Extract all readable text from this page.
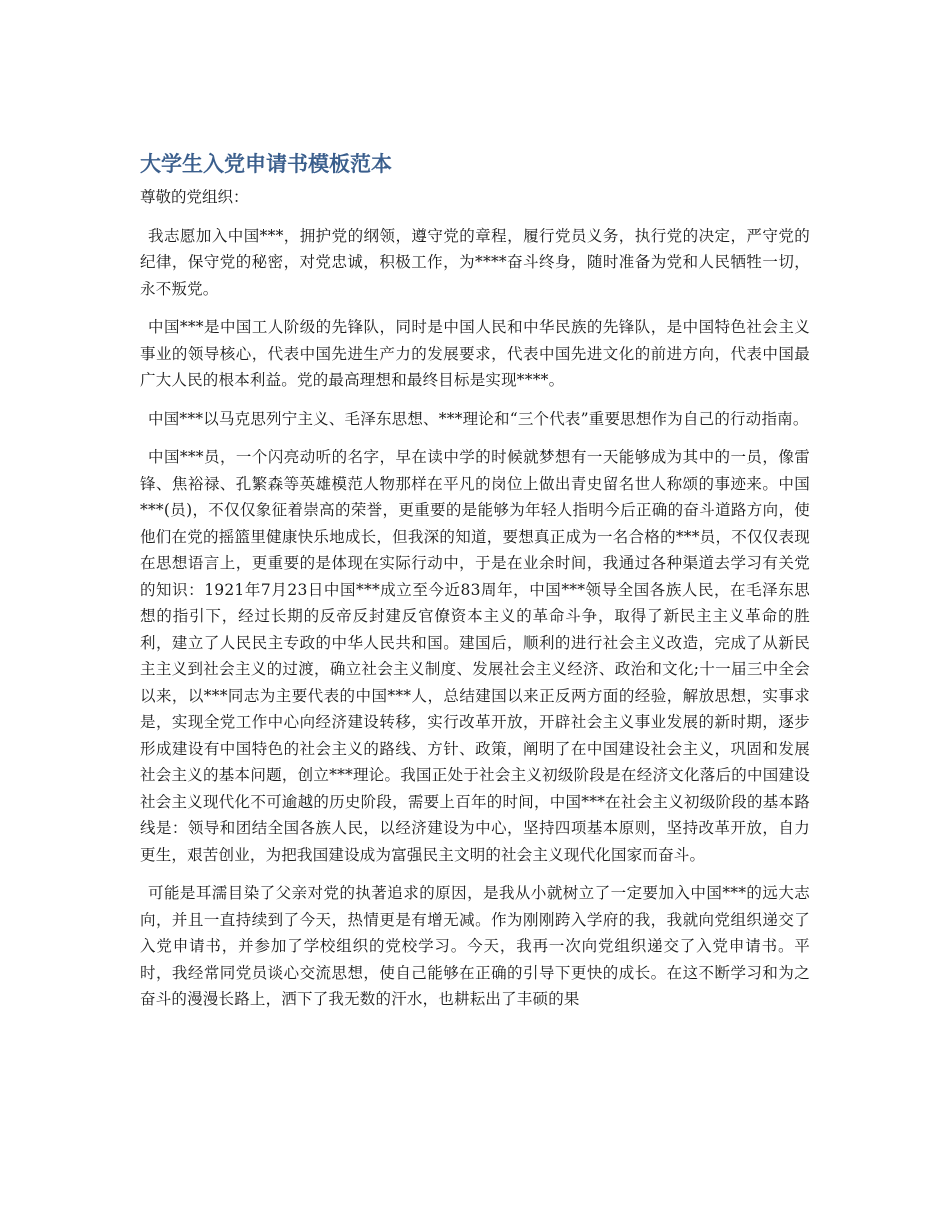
大学生入党申请书模板范本

尊敬的党组织：

我志愿加入中国***，拥护党的纲领，遵守党的章程，履行党员义务，执行党的决定，严守党的纪律，保守党的秘密，对党忠诚，积极工作，为****奋斗终身，随时准备为党和人民牺牲一切，永不叛党。

中国***是中国工人阶级的先锋队，同时是中国人民和中华民族的先锋队，是中国特色社会主义事业的领导核心，代表中国先进生产力的发展要求，代表中国先进文化的前进方向，代表中国最广大人民的根本利益。党的最高理想和最终目标是实现****。

中国***以马克思列宁主义、毛泽东思想、***理论和“三个代表”重要思想作为自己的行动指南。

中国***员，一个闪亮动听的名字，早在读中学的时候就梦想有一天能够成为其中的一员，像雷锋、焦裕禄、孔繁森等英雄模范人物那样在平凡的岗位上做出青史留名世人称颂的事迹来。中国***(员)，不仅仅象征着崇高的荣誉，更重要的是能够为年轻人指明今后正确的奋斗道路方向，使他们在党的摇篮里健康快乐地成长，但我深的知道，要想真正成为一名合格的***员，不仅仅表现在思想语言上，更重要的是体现在实际行动中，于是在业余时间，我通过各种渠道去学习有关党的知识：1921年7月23日中国***成立至今近83周年，中国***领导全国各族人民，在毛泽东思想的指引下，经过长期的反帝反封建反官僚资本主义的革命斗争，取得了新民主主义革命的胜利，建立了人民民主专政的中华人民共和国。建国后，顺利的进行社会主义改造，完成了从新民主主义到社会主义的过渡，确立社会主义制度、发展社会主义经济、政治和文化;十一届三中全会以来，以***同志为主要代表的中国***人，总结建国以来正反两方面的经验，解放思想，实事求是，实现全党工作中心向经济建设转移，实行改革开放，开辟社会主义事业发展的新时期，逐步形成建设有中国特色的社会主义的路线、方针、政策，阐明了在中国建设社会主义，巩固和发展社会主义的基本问题，创立***理论。我国正处于社会主义初级阶段是在经济文化落后的中国建设社会主义现代化不可逾越的历史阶段，需要上百年的时间，中国***在社会主义初级阶段的基本路线是：领导和团结全国各族人民，以经济建设为中心，坚持四项基本原则，坚持改革开放，自力更生，艰苦创业，为把我国建设成为富强民主文明的社会主义现代化国家而奋斗。

可能是耳濡目染了父亲对党的执著追求的原因，是我从小就树立了一定要加入中国***的远大志向，并且一直持续到了今天，热情更是有增无减。作为刚刚跨入学府的我，我就向党组织递交了入党申请书，并参加了学校组织的党校学习。今天，我再一次向党组织递交了入党申请书。平时，我经常同党员谈心交流思想，使自己能够在正确的引导下更快的成长。在这不断学习和为之奋斗的漫漫长路上，洒下了我无数的汗水，也耕耘出了丰硕的果
